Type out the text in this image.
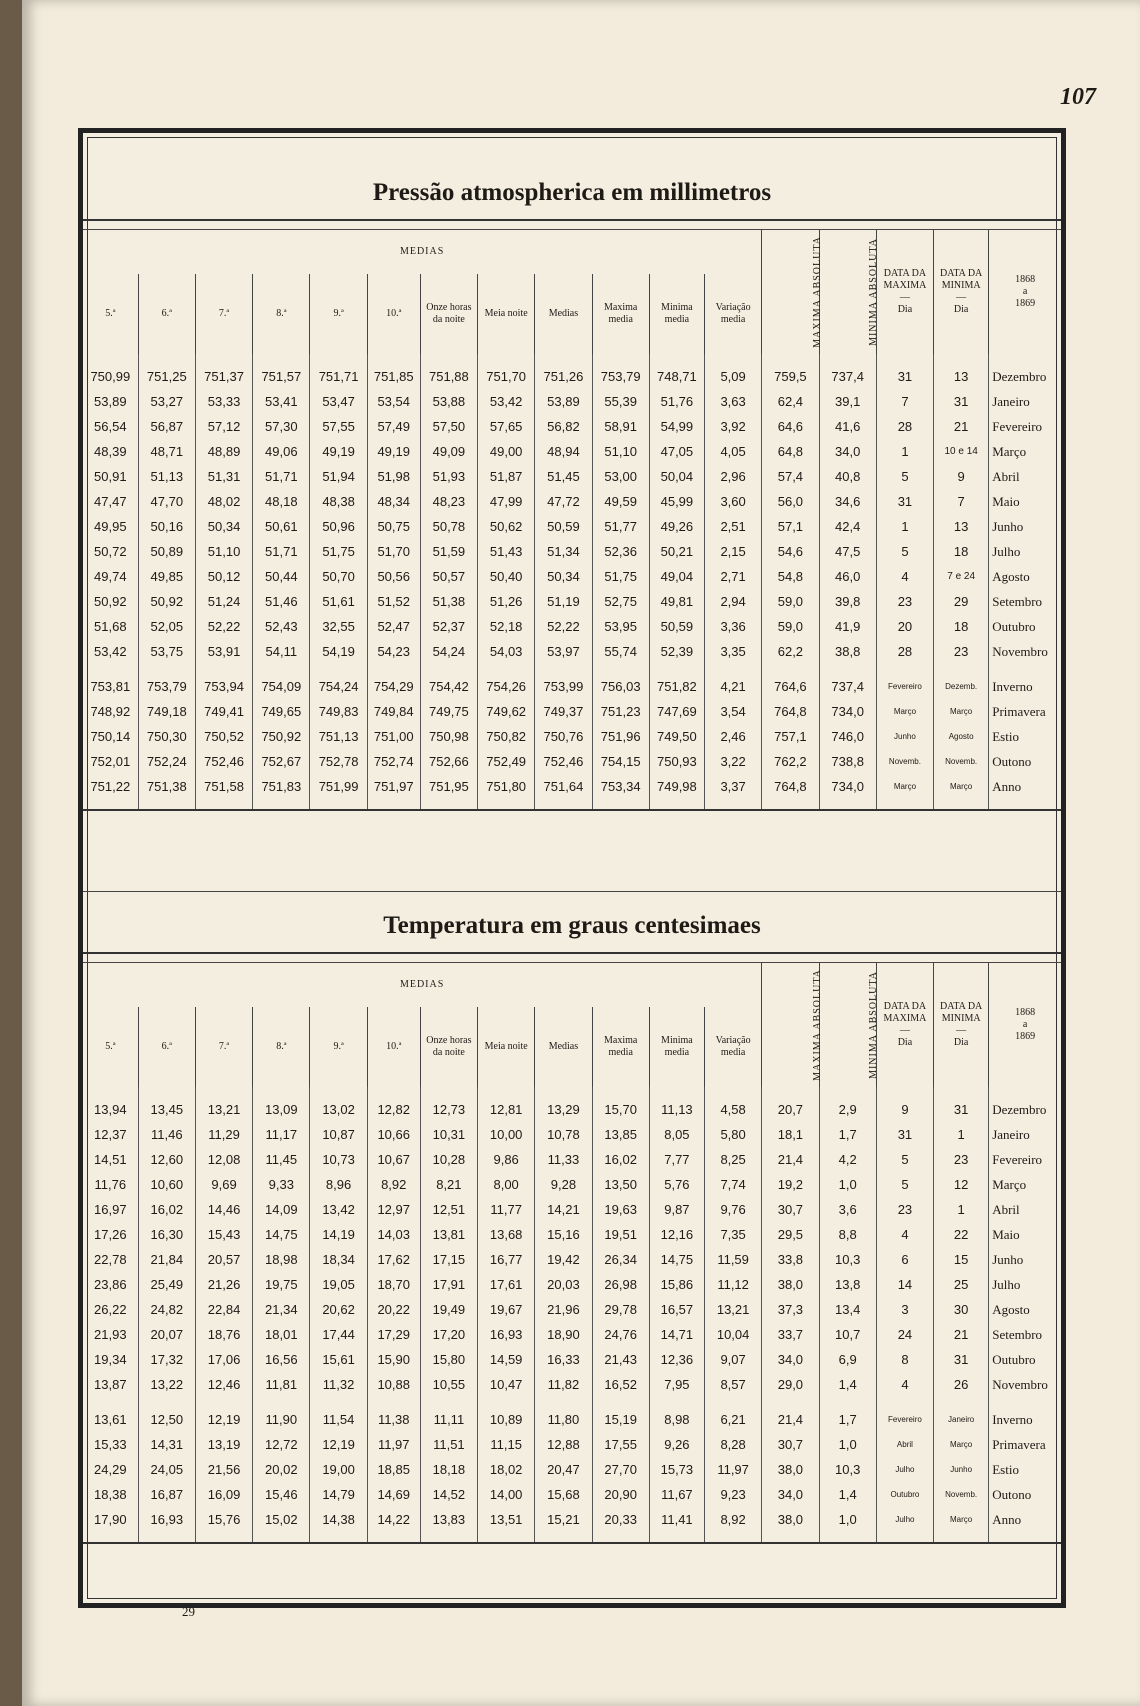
107
Pressão atmospherica em millimetros
MEDIAS												MAXIMA ABSOLUTA	MINIMA ABSOLUTA	DATA DA MAXIMA
—
Dia	DATA DA MINIMA
—
Dia	1868
a
1869
5.ª	6.ª	7.ª	8.ª	9.ª	10.ª	Onze horas da noite	Meia noite	Medias	Maxima media	Minima media	Variação media					

750,99	751,25	751,37	751,57	751,71	751,85	751,88	751,70	751,26	753,79	748,71	5,09	759,5	737,4	31	13	Dezembro
53,89	53,27	53,33	53,41	53,47	53,54	53,88	53,42	53,89	55,39	51,76	3,63	62,4	39,1	7	31	Janeiro
56,54	56,87	57,12	57,30	57,55	57,49	57,50	57,65	56,82	58,91	54,99	3,92	64,6	41,6	28	21	Fevereiro
48,39	48,71	48,89	49,06	49,19	49,19	49,09	49,00	48,94	51,10	47,05	4,05	64,8	34,0	1	10 e 14	Março
50,91	51,13	51,31	51,71	51,94	51,98	51,93	51,87	51,45	53,00	50,04	2,96	57,4	40,8	5	9	Abril
47,47	47,70	48,02	48,18	48,38	48,34	48,23	47,99	47,72	49,59	45,99	3,60	56,0	34,6	31	7	Maio
49,95	50,16	50,34	50,61	50,96	50,75	50,78	50,62	50,59	51,77	49,26	2,51	57,1	42,4	1	13	Junho
50,72	50,89	51,10	51,71	51,75	51,70	51,59	51,43	51,34	52,36	50,21	2,15	54,6	47,5	5	18	Julho
49,74	49,85	50,12	50,44	50,70	50,56	50,57	50,40	50,34	51,75	49,04	2,71	54,8	46,0	4	7 e 24	Agosto
50,92	50,92	51,24	51,46	51,61	51,52	51,38	51,26	51,19	52,75	49,81	2,94	59,0	39,8	23	29	Setembro
51,68	52,05	52,22	52,43	32,55	52,47	52,37	52,18	52,22	53,95	50,59	3,36	59,0	41,9	20	18	Outubro
53,42	53,75	53,91	54,11	54,19	54,23	54,24	54,03	53,97	55,74	52,39	3,35	62,2	38,8	28	23	Novembro

753,81	753,79	753,94	754,09	754,24	754,29	754,42	754,26	753,99	756,03	751,82	4,21	764,6	737,4	Fevereiro	Dezemb.	Inverno
748,92	749,18	749,41	749,65	749,83	749,84	749,75	749,62	749,37	751,23	747,69	3,54	764,8	734,0	Março	Março	Primavera
750,14	750,30	750,52	750,92	751,13	751,00	750,98	750,82	750,76	751,96	749,50	2,46	757,1	746,0	Junho	Agosto	Estio
752,01	752,24	752,46	752,67	752,78	752,74	752,66	752,49	752,46	754,15	750,93	3,22	762,2	738,8	Novemb.	Novemb.	Outono
751,22	751,38	751,58	751,83	751,99	751,97	751,95	751,80	751,64	753,34	749,98	3,37	764,8	734,0	Março	Março	Anno

Temperatura em graus centesimaes
MEDIAS												MAXIMA ABSOLUTA	MINIMA ABSOLUTA	DATA DA MAXIMA
—
Dia	DATA DA MINIMA
—
Dia	1868
a
1869
5.ª	6.ª	7.ª	8.ª	9.ª	10.ª	Onze horas da noite	Meia noite	Medias	Maxima media	Minima media	Variação media					

13,94	13,45	13,21	13,09	13,02	12,82	12,73	12,81	13,29	15,70	11,13	4,58	20,7	2,9	9	31	Dezembro
12,37	11,46	11,29	11,17	10,87	10,66	10,31	10,00	10,78	13,85	8,05	5,80	18,1	1,7	31	1	Janeiro
14,51	12,60	12,08	11,45	10,73	10,67	10,28	9,86	11,33	16,02	7,77	8,25	21,4	4,2	5	23	Fevereiro
11,76	10,60	9,69	9,33	8,96	8,92	8,21	8,00	9,28	13,50	5,76	7,74	19,2	1,0	5	12	Março
16,97	16,02	14,46	14,09	13,42	12,97	12,51	11,77	14,21	19,63	9,87	9,76	30,7	3,6	23	1	Abril
17,26	16,30	15,43	14,75	14,19	14,03	13,81	13,68	15,16	19,51	12,16	7,35	29,5	8,8	4	22	Maio
22,78	21,84	20,57	18,98	18,34	17,62	17,15	16,77	19,42	26,34	14,75	11,59	33,8	10,3	6	15	Junho
23,86	25,49	21,26	19,75	19,05	18,70	17,91	17,61	20,03	26,98	15,86	11,12	38,0	13,8	14	25	Julho
26,22	24,82	22,84	21,34	20,62	20,22	19,49	19,67	21,96	29,78	16,57	13,21	37,3	13,4	3	30	Agosto
21,93	20,07	18,76	18,01	17,44	17,29	17,20	16,93	18,90	24,76	14,71	10,04	33,7	10,7	24	21	Setembro
19,34	17,32	17,06	16,56	15,61	15,90	15,80	14,59	16,33	21,43	12,36	9,07	34,0	6,9	8	31	Outubro
13,87	13,22	12,46	11,81	11,32	10,88	10,55	10,47	11,82	16,52	7,95	8,57	29,0	1,4	4	26	Novembro

13,61	12,50	12,19	11,90	11,54	11,38	11,11	10,89	11,80	15,19	8,98	6,21	21,4	1,7	Fevereiro	Janeiro	Inverno
15,33	14,31	13,19	12,72	12,19	11,97	11,51	11,15	12,88	17,55	9,26	8,28	30,7	1,0	Abril	Março	Primavera
24,29	24,05	21,56	20,02	19,00	18,85	18,18	18,02	20,47	27,70	15,73	11,97	38,0	10,3	Julho	Junho	Estio
18,38	16,87	16,09	15,46	14,79	14,69	14,52	14,00	15,68	20,90	11,67	9,23	34,0	1,4	Outubro	Novemb.	Outono
17,90	16,93	15,76	15,02	14,38	14,22	13,83	13,51	15,21	20,33	11,41	8,92	38,0	1,0	Julho	Março	Anno

29
